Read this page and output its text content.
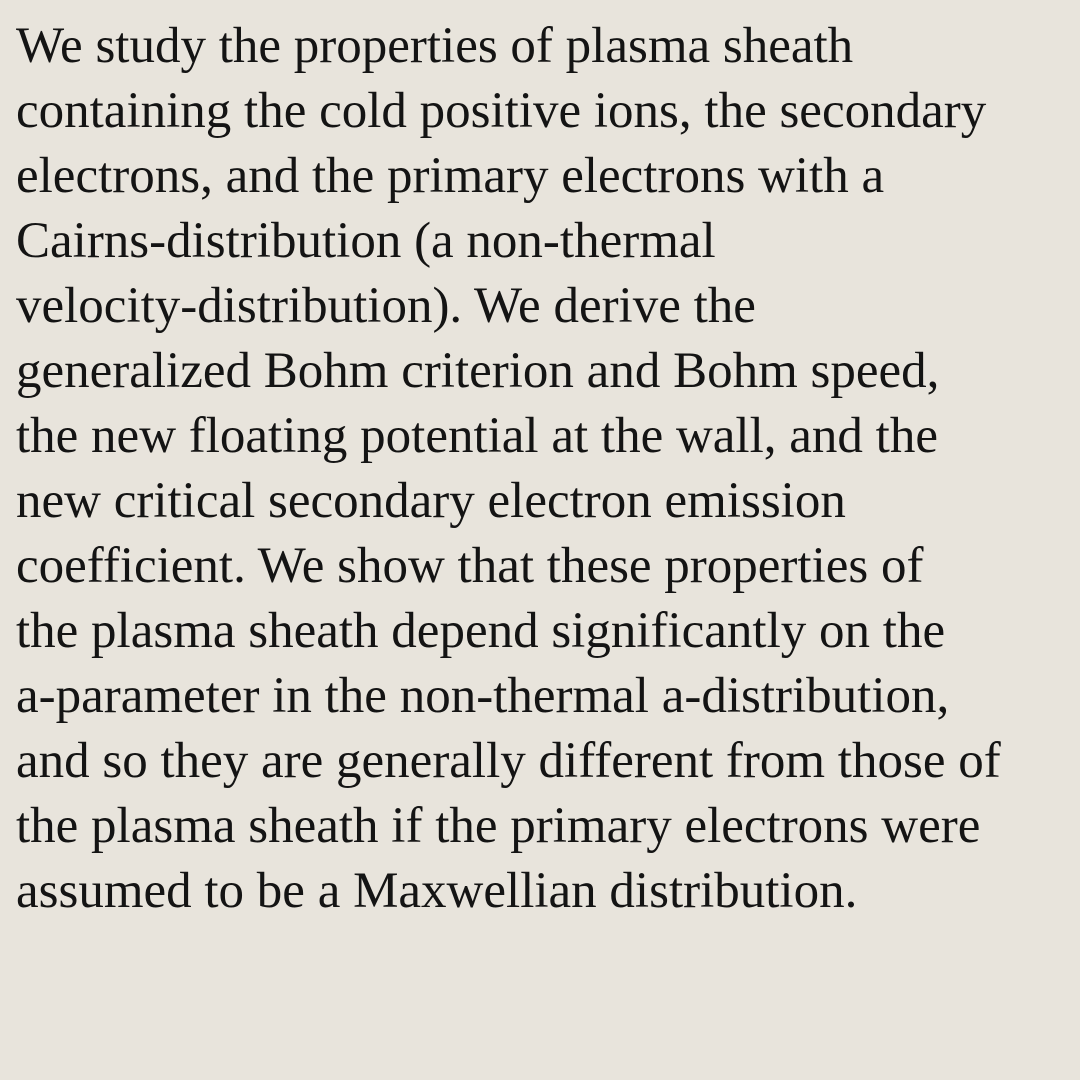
We study the properties of plasma sheath
containing the cold positive ions, the secondary
electrons, and the primary electrons with a
Cairns-distribution (a non-thermal
velocity-distribution). We derive the
generalized Bohm criterion and Bohm speed,
the new floating potential at the wall, and the
new critical secondary electron emission
coefficient. We show that these properties of
the plasma sheath depend significantly on the
a-parameter in the non-thermal a-distribution,
and so they are generally different from those of
the plasma sheath if the primary electrons were
assumed to be a Maxwellian distribution.
